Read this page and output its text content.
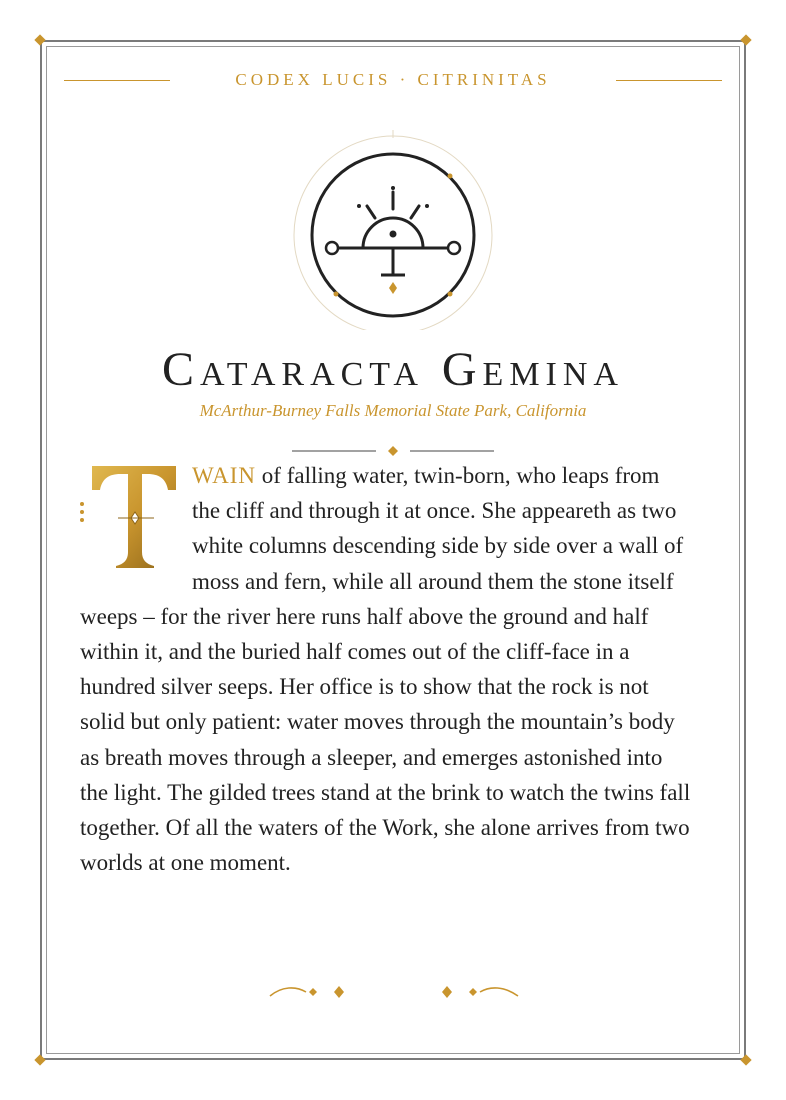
CODEX LUCIS · CITRINITAS
Cataracta Gemina
McArthur-Burney Falls Memorial State Park, California
WAIN of falling water, twin-born, who leaps from the cliff and through it at once. She appeareth as two white columns descending side by side over a wall of moss and fern, while all around them the stone itself weeps – for the river here runs half above the ground and half within it, and the buried half comes out of the cliff-face in a hundred silver seeps. Her office is to show that the rock is not solid but only patient: water moves through the mountain’s body as breath moves through a sleeper, and emerges astonished into the light. The gilded trees stand at the brink to watch the twins fall together. Of all the waters of the Work, she alone arrives from two worlds at one moment.
